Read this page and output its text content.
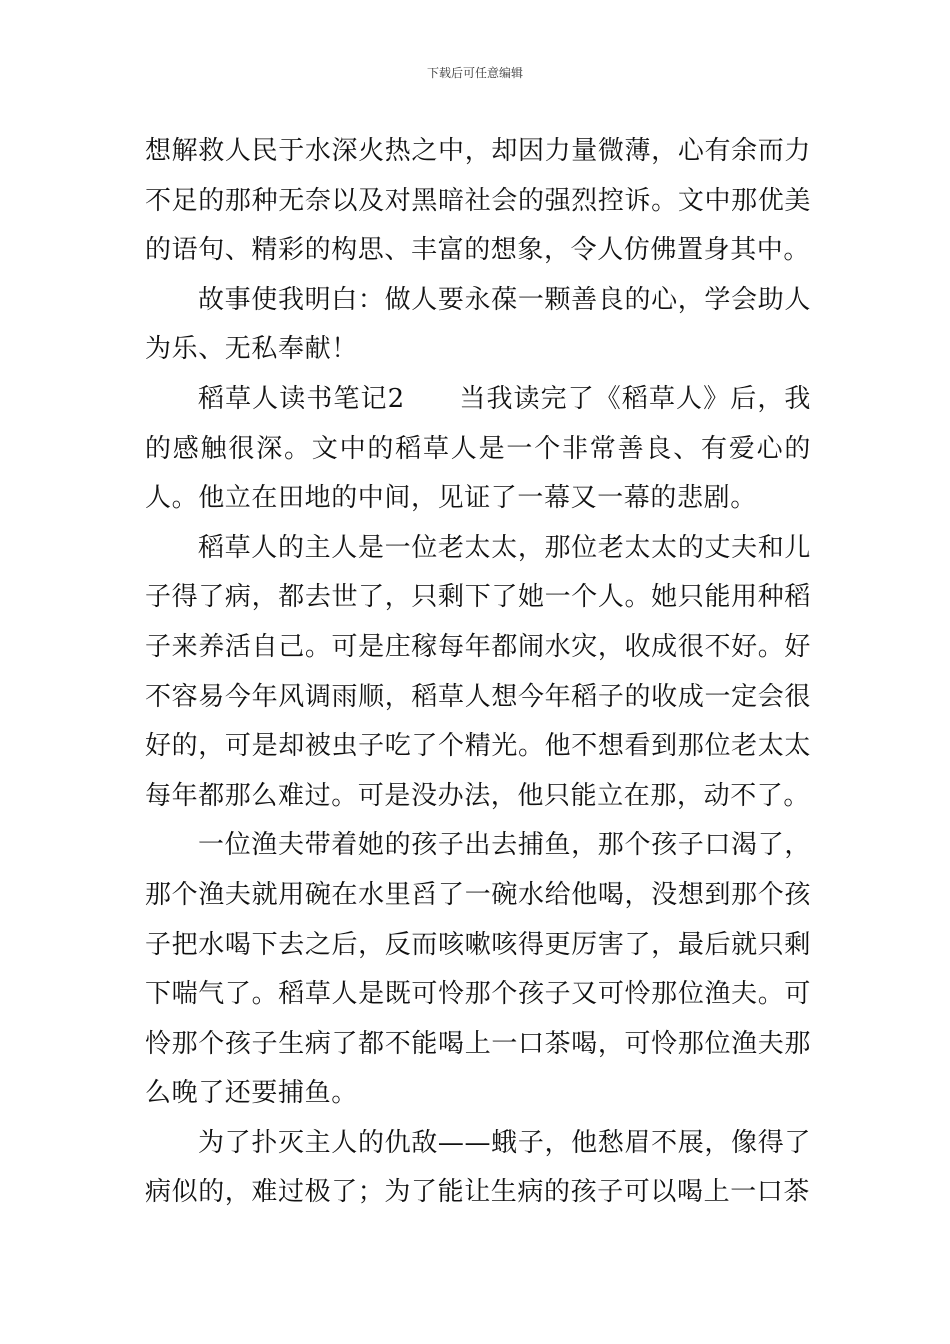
下载后可任意编辑

想解救人民于水深火热之中，却因力量微薄，心有余而力不足的那种无奈以及对黑暗社会的强烈控诉。文中那优美的语句、精彩的构思、丰富的想象，令人仿佛置身其中。

故事使我明白：做人要永葆一颗善良的心，学会助人为乐、无私奉献！

稻草人读书笔记2　　当我读完了《稻草人》后，我的感触很深。文中的稻草人是一个非常善良、有爱心的人。他立在田地的中间，见证了一幕又一幕的悲剧。

稻草人的主人是一位老太太，那位老太太的丈夫和儿子得了病，都去世了，只剩下了她一个人。她只能用种稻子来养活自己。可是庄稼每年都闹水灾，收成很不好。好不容易今年风调雨顺，稻草人想今年稻子的收成一定会很好的，可是却被虫子吃了个精光。他不想看到那位老太太每年都那么难过。可是没办法，他只能立在那，动不了。

一位渔夫带着她的孩子出去捕鱼，那个孩子口渴了，那个渔夫就用碗在水里舀了一碗水给他喝，没想到那个孩子把水喝下去之后，反而咳嗽咳得更厉害了，最后就只剩下喘气了。稻草人是既可怜那个孩子又可怜那位渔夫。可怜那个孩子生病了都不能喝上一口茶喝，可怜那位渔夫那么晚了还要捕鱼。

为了扑灭主人的仇敌——蛾子，他愁眉不展，像得了病似的，难过极了；为了能让生病的孩子可以喝上一口茶
